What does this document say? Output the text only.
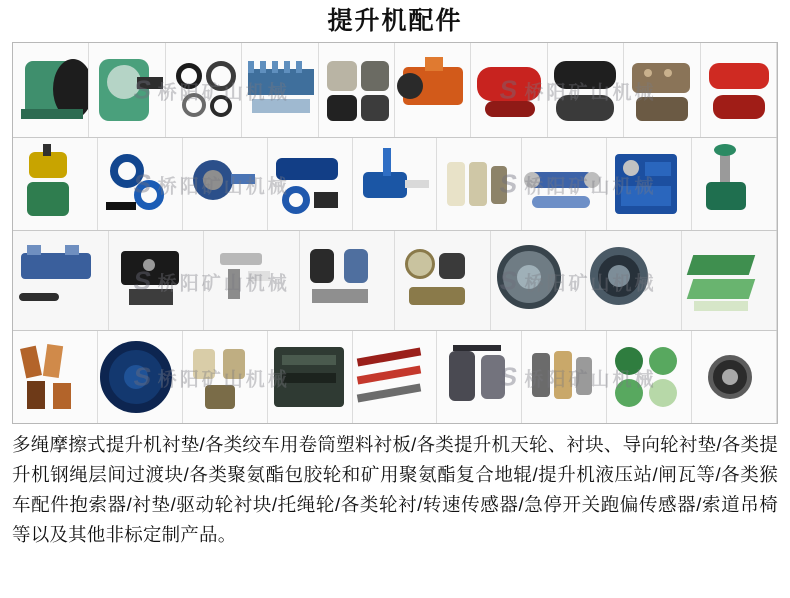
提升机配件
S桥阳矿山机械	S桥阳矿山机械
S桥阳矿山机械	S桥阳矿山机械
S桥阳矿山机械	S桥阳矿山机械
S桥阳矿山机械	S桥阳矿山机械
多绳摩擦式提升机衬垫/各类绞车用卷筒塑料衬板/各类提升机天轮、衬块、导向轮衬垫/各类提升机钢绳层间过渡块/各类聚氨酯包胶轮和矿用聚氨酯复合地辊/提升机液压站/闸瓦等/各类猴车配件抱索器/衬垫/驱动轮衬块/托绳轮/各类轮衬/转速传感器/急停开关跑偏传感器/索道吊椅等以及其他非标定制产品。
